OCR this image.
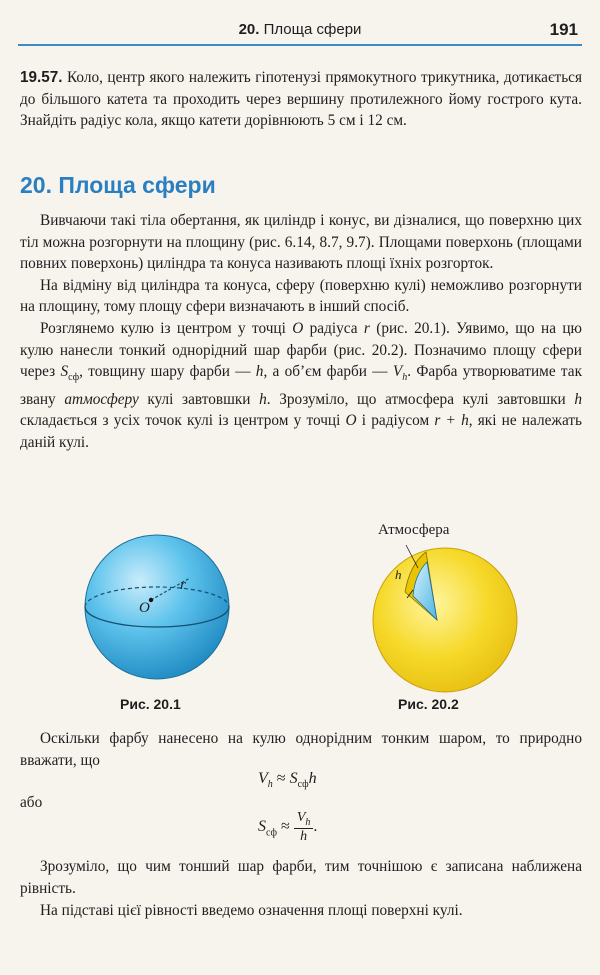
20. Площа сфери	191

19.57. Коло, центр якого належить гіпотенузі прямокутного трикутника, дотикається до більшого катета та проходить через вершину протилежного йому гострого кута. Знайдіть радіус кола, якщо катети дорівнюють 5 см і 12 см.

20. Площа сфери

Вивчаючи такі тіла обертання, як циліндр і конус, ви дізналися, що поверхню цих тіл можна розгорнути на площину (рис. 6.14, 8.7, 9.7). Площами поверхонь (площами повних поверхонь) циліндра та конуса називають площі їхніх розгорток.

На відміну від циліндра та конуса, сферу (поверхню кулі) неможливо розгорнути на площину, тому площу сфери визначають в інший спосіб.

Розглянемо кулю із центром у точці O радіуса r (рис. 20.1). Уявимо, що на цю кулю нанесли тонкий однорідний шар фарби (рис. 20.2). Позначимо площу сфери через $S_{сф}$, товщину шару фарби — h, а об’єм фарби — $V_h$. Фарба утворюватиме так звану атмосферу кулі завтовшки h. Зрозуміло, що атмосфера кулі завтовшки h складається з усіх точок кулі із центром у точці O і радіусом r + h, які не належать даній кулі.

r
O
Атмосфера
h
Рис. 20.1	Рис. 20.2
Оскільки фарбу нанесено на кулю однорідним тонким шаром, то природно вважати, що
$V_h \approx S_{сф}h$
або
$S_{сф} \approx \frac{V_h}{h}$ .
Зрозуміло, що чим тонший шар фарби, тим точнішою є записана наближена рівність.
На підставі цієї рівності введемо означення площі поверхні кулі.
